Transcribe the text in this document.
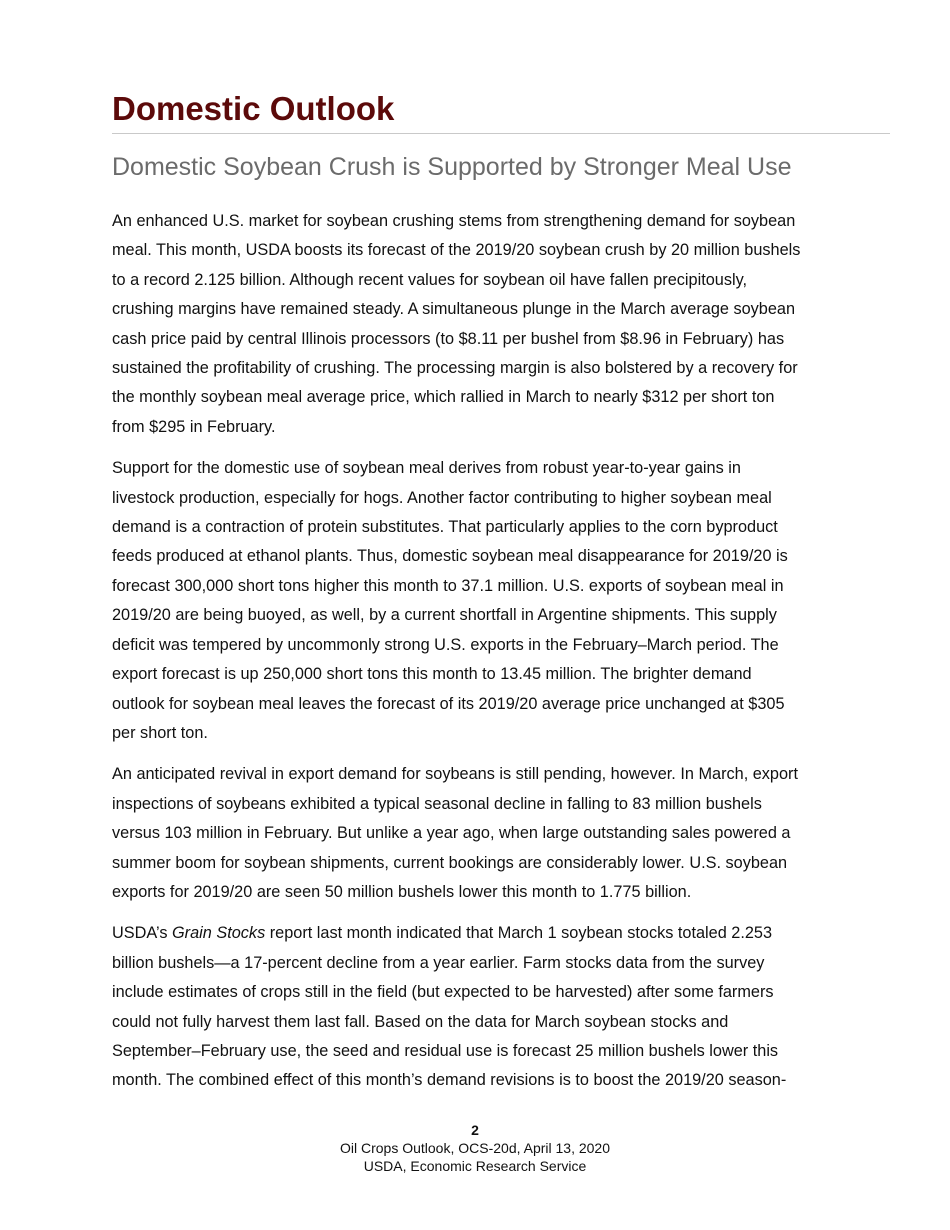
Domestic Outlook
Domestic Soybean Crush is Supported by Stronger Meal Use

An enhanced U.S. market for soybean crushing stems from strengthening demand for soybean
meal. This month, USDA boosts its forecast of the 2019/20 soybean crush by 20 million bushels
to a record 2.125 billion. Although recent values for soybean oil have fallen precipitously,
crushing margins have remained steady. A simultaneous plunge in the March average soybean
cash price paid by central Illinois processors (to $8.11 per bushel from $8.96 in February) has
sustained the profitability of crushing. The processing margin is also bolstered by a recovery for
the monthly soybean meal average price, which rallied in March to nearly $312 per short ton
from $295 in February.

Support for the domestic use of soybean meal derives from robust year-to-year gains in
livestock production, especially for hogs. Another factor contributing to higher soybean meal
demand is a contraction of protein substitutes. That particularly applies to the corn byproduct
feeds produced at ethanol plants. Thus, domestic soybean meal disappearance for 2019/20 is
forecast 300,000 short tons higher this month to 37.1 million. U.S. exports of soybean meal in
2019/20 are being buoyed, as well, by a current shortfall in Argentine shipments. This supply
deficit was tempered by uncommonly strong U.S. exports in the February–March period. The
export forecast is up 250,000 short tons this month to 13.45 million. The brighter demand
outlook for soybean meal leaves the forecast of its 2019/20 average price unchanged at $305
per short ton.

An anticipated revival in export demand for soybeans is still pending, however. In March, export
inspections of soybeans exhibited a typical seasonal decline in falling to 83 million bushels
versus 103 million in February. But unlike a year ago, when large outstanding sales powered a
summer boom for soybean shipments, current bookings are considerably lower. U.S. soybean
exports for 2019/20 are seen 50 million bushels lower this month to 1.775 billion.

USDA’s Grain Stocks report last month indicated that March 1 soybean stocks totaled 2.253
billion bushels—a 17-percent decline from a year earlier. Farm stocks data from the survey
include estimates of crops still in the field (but expected to be harvested) after some farmers
could not fully harvest them last fall. Based on the data for March soybean stocks and
September–February use, the seed and residual use is forecast 25 million bushels lower this
month. The combined effect of this month’s demand revisions is to boost the 2019/20 season-

2
Oil Crops Outlook, OCS-20d, April 13, 2020
USDA, Economic Research Service
